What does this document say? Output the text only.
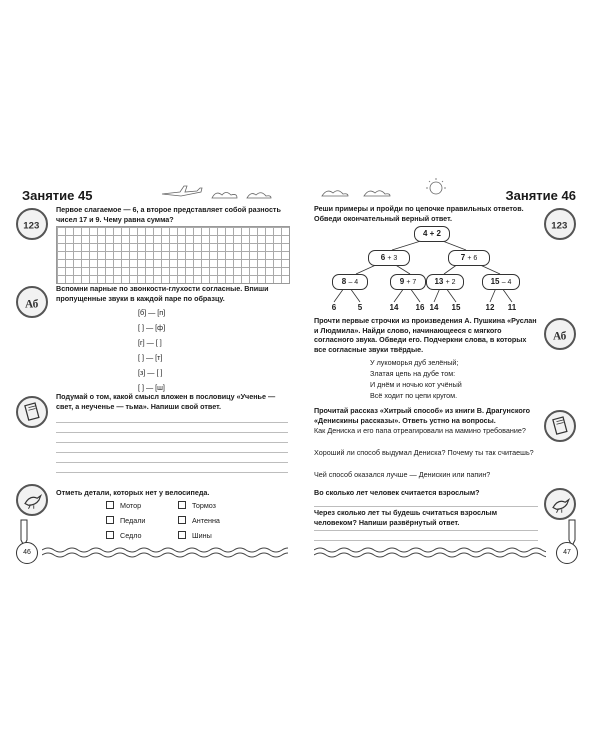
Занятие 45
123
Первое слагаемое — 6, а второе представляет собой разность чисел 17 и 9. Чему равна сумма?
Аб
Вспомни парные по звонкости-глухости согласные. Впиши пропущенные звуки в каждой паре по образцу.
[б] — [п]
[ ] — [ф]
[г] — [ ]
[ ] — [т]
[з] — [ ]
[ ] — [ш]
Подумай о том, какой смысл вложен в пословицу «Ученье — свет, а неученье — тьма». Напиши свой ответ.
Отметь детали, которых нет у велосипеда.
Мотор
Педали
Седло
Тормоз
Антенна
Шины
46
Занятие 46
Реши примеры и пройди по цепочке правильных ответов. Обведи окончательный верный ответ.
123
4 + 2
6 + 3	7 + 6
8 – 4	9 + 7	13 + 2	15 – 4
6	5	14	16 14	15	12	11
Прочти первые строчки из произведения А. Пушкина «Руслан и Людмила». Найди слово, начинающееся с мягкого согласного звука. Обведи его. Подчеркни слова, в которых все согласные звуки твёрдые.
Аб
У лукоморья дуб зелёный;
Златая цепь на дубе том:
И днём и ночью кот учёный
Всё ходит по цепи кругом.
Прочитай рассказ «Хитрый способ» из книги В. Драгунского «Денискины рассказы». Ответь устно на вопросы.
Как Дениска и его папа отреагировали на мамино требование?
Хороший ли способ выдумал Дениска? Почему ты так считаешь?
Чей способ оказался лучше — Денискин или папин?
Во сколько лет человек считается взрослым?
Через сколько лет ты будешь считаться взрослым человеком? Напиши развёрнутый ответ.
47
